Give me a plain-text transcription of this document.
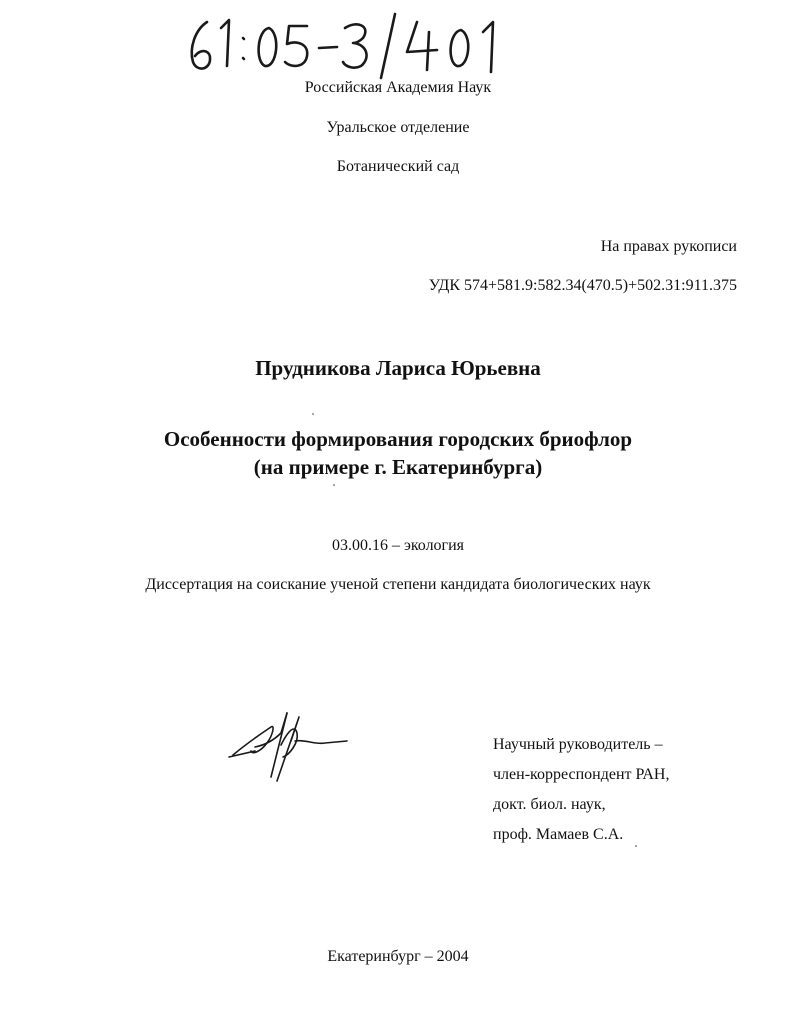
Российская Академия Наук
Уральское отделение
Ботанический сад
На правах рукописи
УДК 574+581.9:582.34(470.5)+502.31:911.375
Прудникова Лариса Юрьевна
Особенности формирования городских бриофлор
(на примере г. Екатеринбурга)
03.00.16 – экология
Диссертация на соискание ученой степени кандидата биологических наук
Научный руководитель –
член-корреспондент РАН,
докт. биол. наук,
проф. Мамаев С.А.
Екатеринбург – 2004
